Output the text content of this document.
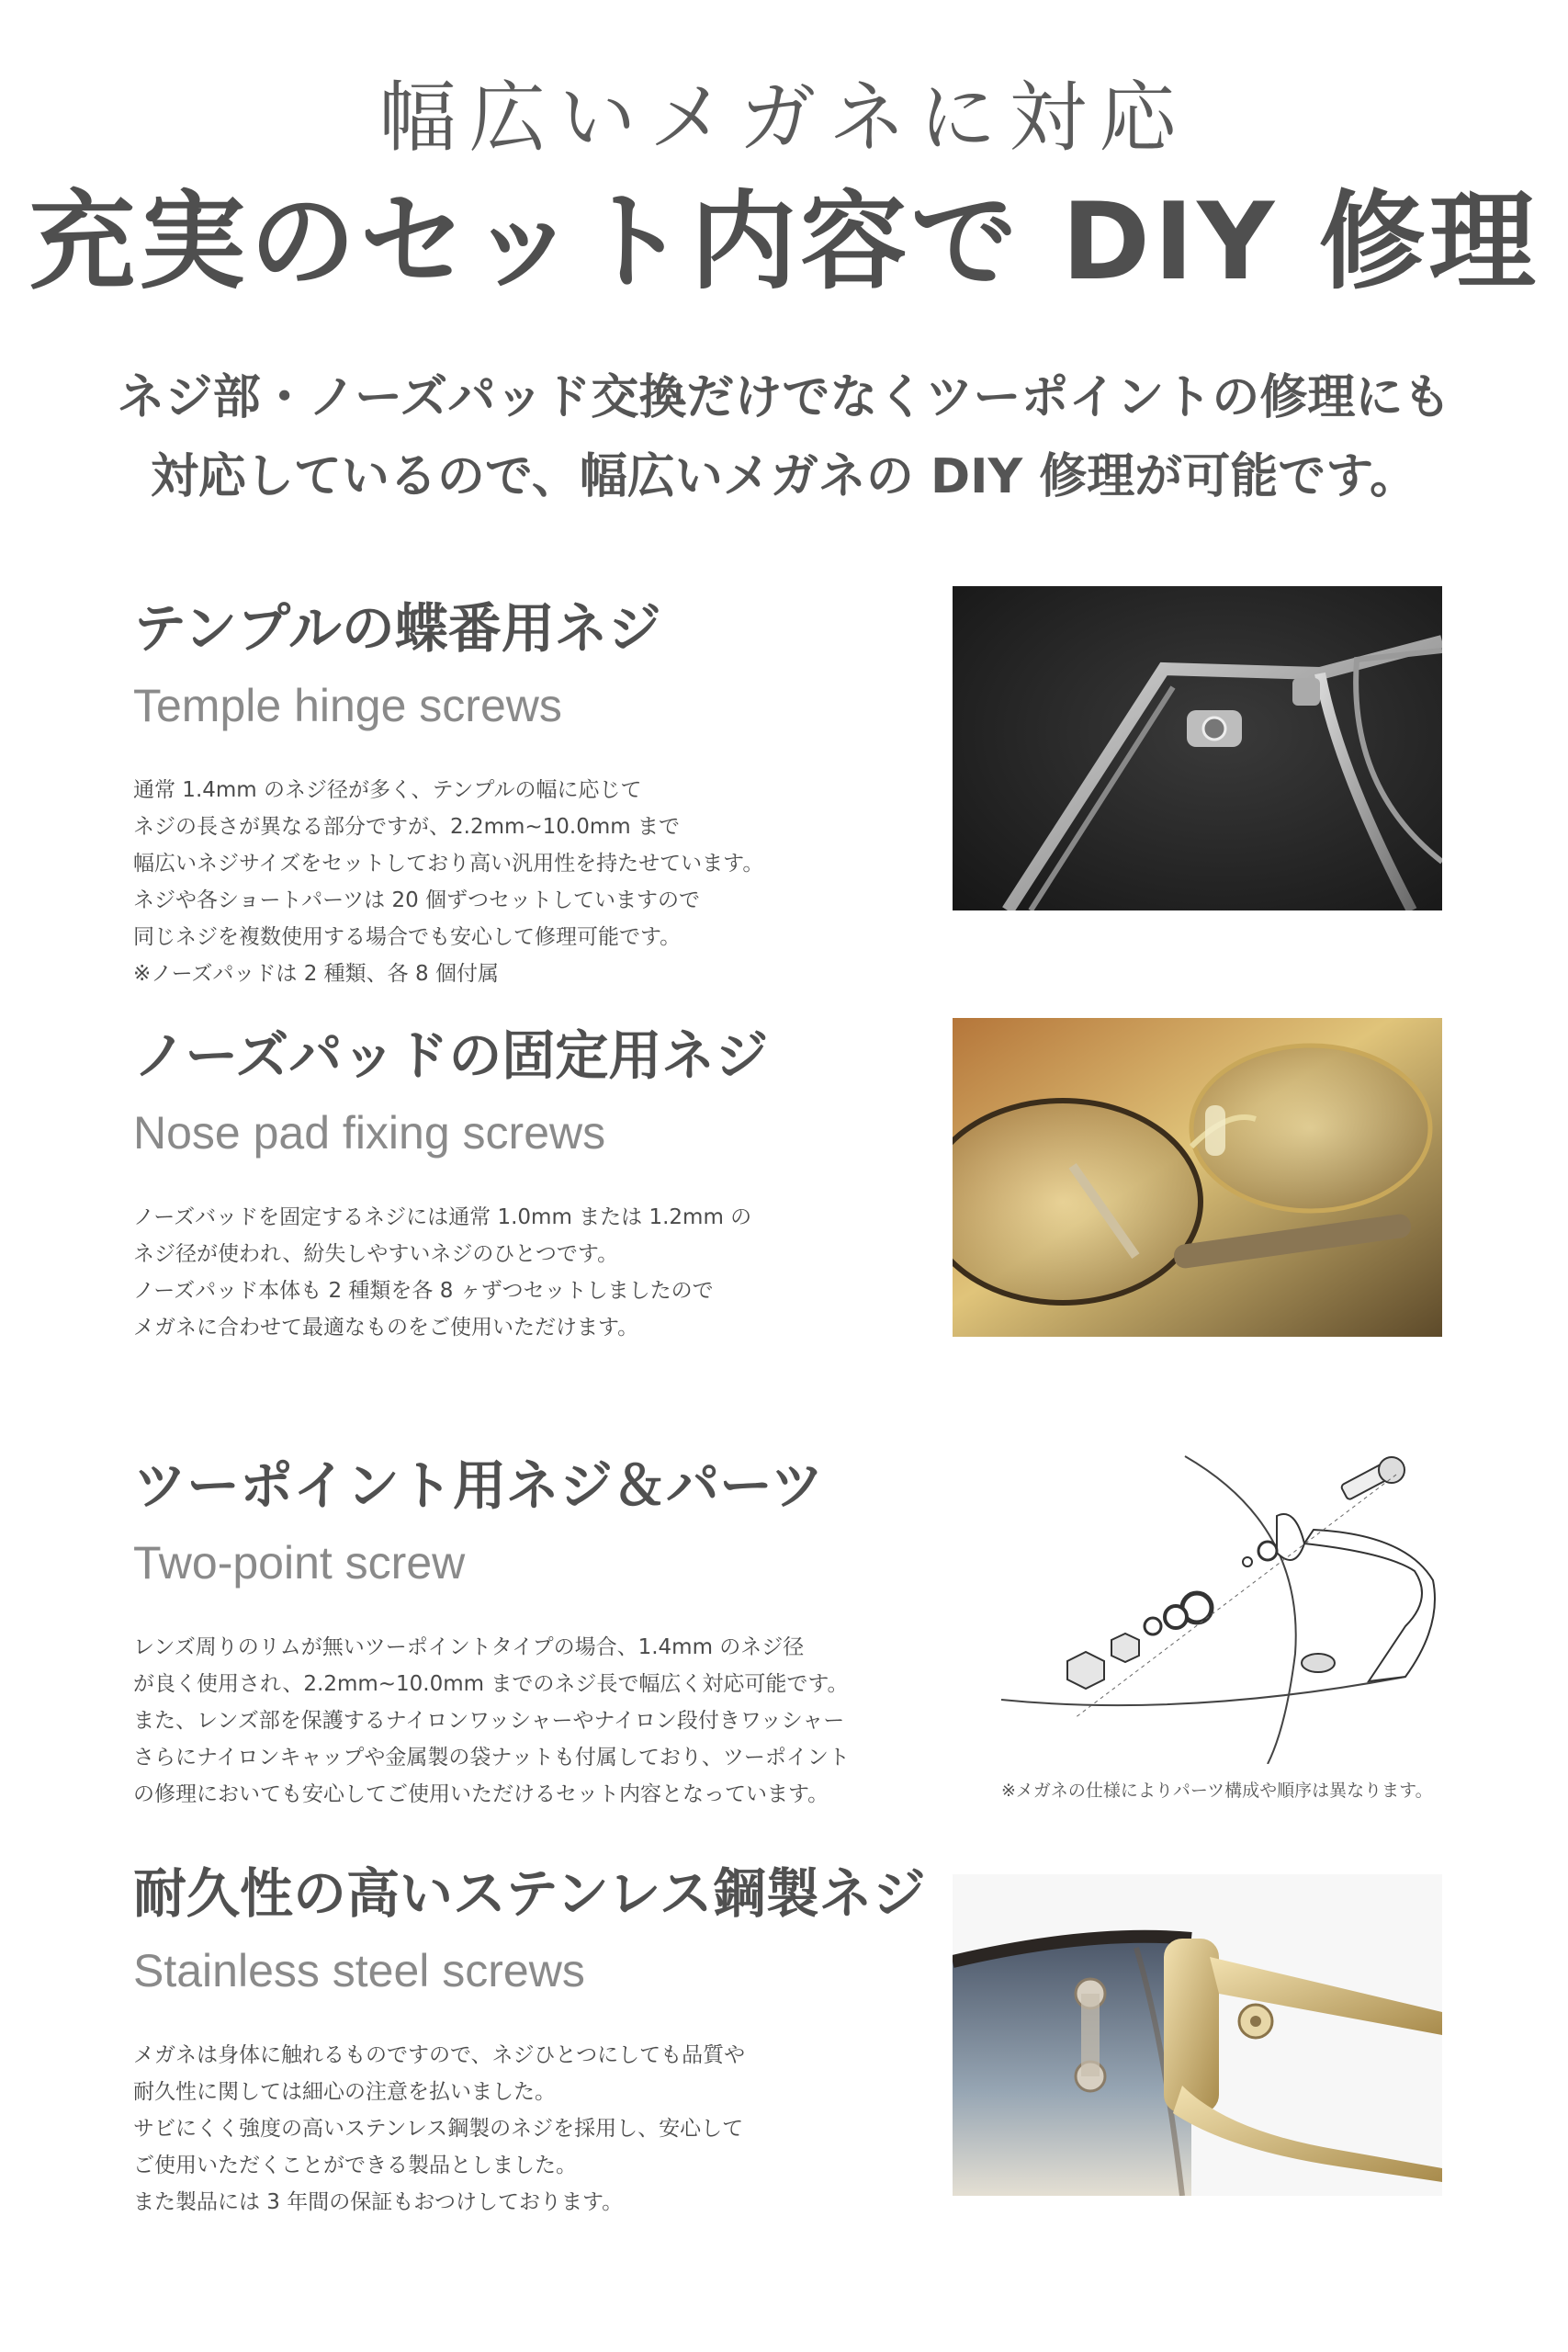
幅広いメガネに対応
充実のセット内容で DIY 修理
ネジ部・ノーズパッド交換だけでなくツーポイントの修理にも
対応しているので、幅広いメガネの DIY 修理が可能です。
テンプルの蝶番用ネジ
Temple hinge screws
通常 1.4mm のネジ径が多く、テンプルの幅に応じて
ネジの長さが異なる部分ですが、2.2mm~10.0mm まで
幅広いネジサイズをセットしており高い汎用性を持たせています。
ネジや各ショートパーツは 20 個ずつセットしていますので
同じネジを複数使用する場合でも安心して修理可能です。
※ノーズパッドは 2 種類、各 8 個付属
ノーズパッドの固定用ネジ
Nose pad fixing screws
ノーズバッドを固定するネジには通常 1.0mm または 1.2mm の
ネジ径が使われ、紛失しやすいネジのひとつです。
ノーズパッド本体も 2 種類を各 8 ヶずつセットしましたので
メガネに合わせて最適なものをご使用いただけます。
ツーポイント用ネジ＆パーツ
Two-point screw
レンズ周りのリムが無いツーポイントタイプの場合、1.4mm のネジ径
が良く使用され、2.2mm~10.0mm までのネジ長で幅広く対応可能です。
また、レンズ部を保護するナイロンワッシャーやナイロン段付きワッシャー
さらにナイロンキャップや金属製の袋ナットも付属しており、ツーポイント
の修理においても安心してご使用いただけるセット内容となっています。	※メガネの仕様によりパーツ構成や順序は異なります。
耐久性の高いステンレス鋼製ネジ
Stainless steel screws
メガネは身体に触れるものですので、ネジひとつにしても品質や
耐久性に関しては細心の注意を払いました。
サビにくく強度の高いステンレス鋼製のネジを採用し、安心して
ご使用いただくことができる製品としました。
また製品には 3 年間の保証もおつけしております。
